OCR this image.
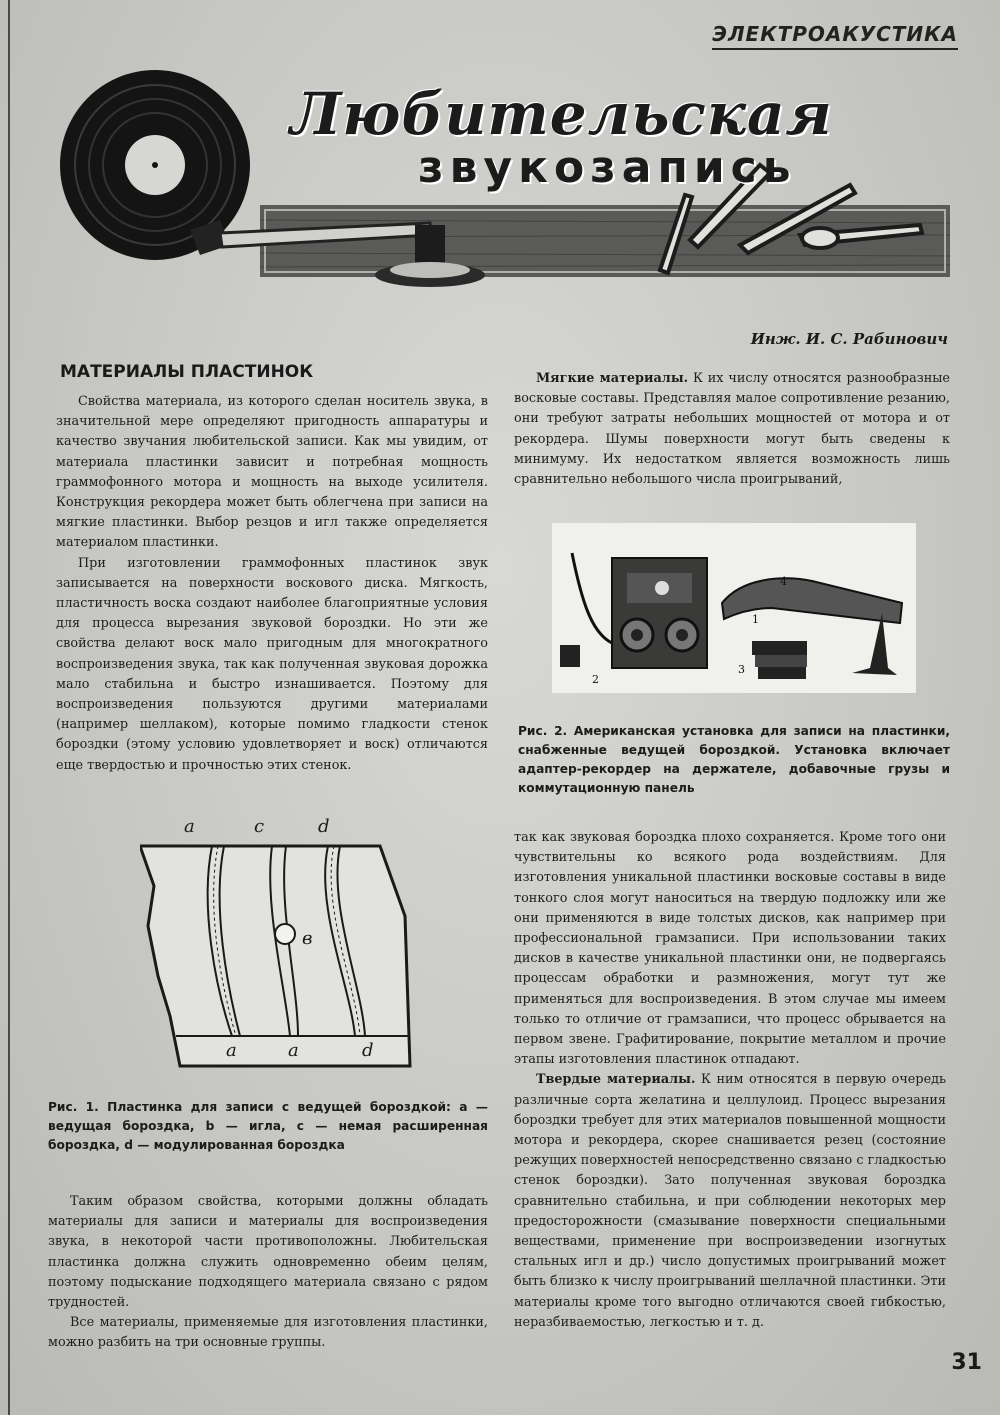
ЭЛЕКТРОАКУСТИКА
Любительская
звукозапись
Инж. И. С. Рабинович
МАТЕРИАЛЫ ПЛАСТИНОК

Свойства материала, из которого сделан носитель звука, в значительной мере определяют пригодность аппаратуры и качество звучания любительской записи. Как мы увидим, от материала пластинки зависит и потребная мощность граммофонного мотора и мощность на выходе усилителя. Конструкция рекордера может быть облегчена при записи на мягкие пластинки. Выбор резцов и игл также определяется материалом пластинки.

При изготовлении граммофонных пластинок звук записывается на поверхности воскового диска. Мягкость, пластичность воска создают наиболее благоприятные условия для процесса вырезания звуковой бороздки. Но эти же свойства делают воск мало пригодным для многократного воспроизведения звука, так как полученная звуковая дорожка мало стабильна и быстро изнашивается. Поэтому для воспроизведения пользуются другими материалами (например шеллаком), которые помимо гладкости стенок бороздки (этому условию удовлетворяет и воск) отличаются еще твердостью и прочностью этих стенок.

a	c	d
в
a	a	d
Рис. 1. Пластинка для записи с ведущей бороздкой: a — ведущая бороздка, b — игла, c — немая расширенная бороздка, d — модулированная бороздка

Таким образом свойства, которыми должны обладать материалы для записи и материалы для воспроизведения звука, в некоторой части противоположны. Любительская пластинка должна служить одновременно обеим целям, поэтому подыскание подходящего материала связано с рядом трудностей.

Все материалы, применяемые для изготовления пластинки, можно разбить на три основные группы.

Мягкие материалы. К их числу относятся разнообразные восковые составы. Представляя малое сопротивление резанию, они требуют затраты небольших мощностей от мотора и от рекордера. Шумы поверхности могут быть сведены к минимуму. Их недостатком является возможность лишь сравнительно небольшого числа проигрываний,

4
1
2
3
Рис. 2. Американская установка для записи на пластинки, снабженные ведущей бороздкой. Установка включает адаптер-рекордер на держателе, добавочные грузы и коммутационную панель

так как звуковая бороздка плохо сохраняется. Кроме того они чувствительны ко всякого рода воздействиям. Для изготовления уникальной пластинки восковые составы в виде тонкого слоя могут наноситься на твердую подложку или же они применяются в виде толстых дисков, как например при профессиональной грамзаписи. При использовании таких дисков в качестве уникальной пластинки они, не подвергаясь процессам обработки и размножения, могут тут же применяться для воспроизведения. В этом случае мы имеем только то отличие от грамзаписи, что процесс обрывается на первом звене. Графитирование, покрытие металлом и прочие этапы изготовления пластинок отпадают.

Твердые материалы. К ним относятся в первую очередь различные сорта желатина и целлулоид. Процесс вырезания бороздки требует для этих материалов повышенной мощности мотора и рекордера, скорее снашивается резец (состояние режущих поверхностей непосредственно связано с гладкостью стенок бороздки). Зато полученная звуковая бороздка сравнительно стабильна, и при соблюдении некоторых мер предосторожности (смазывание поверхности специальными веществами, применение при воспроизведении изогнутых стальных игл и др.) число допустимых проигрываний может быть близко к числу проигрываний шеллачной пластинки. Эти материалы кроме того выгодно отличаются своей гибкостью, неразбиваемостью, легкостью и т. д.

31
